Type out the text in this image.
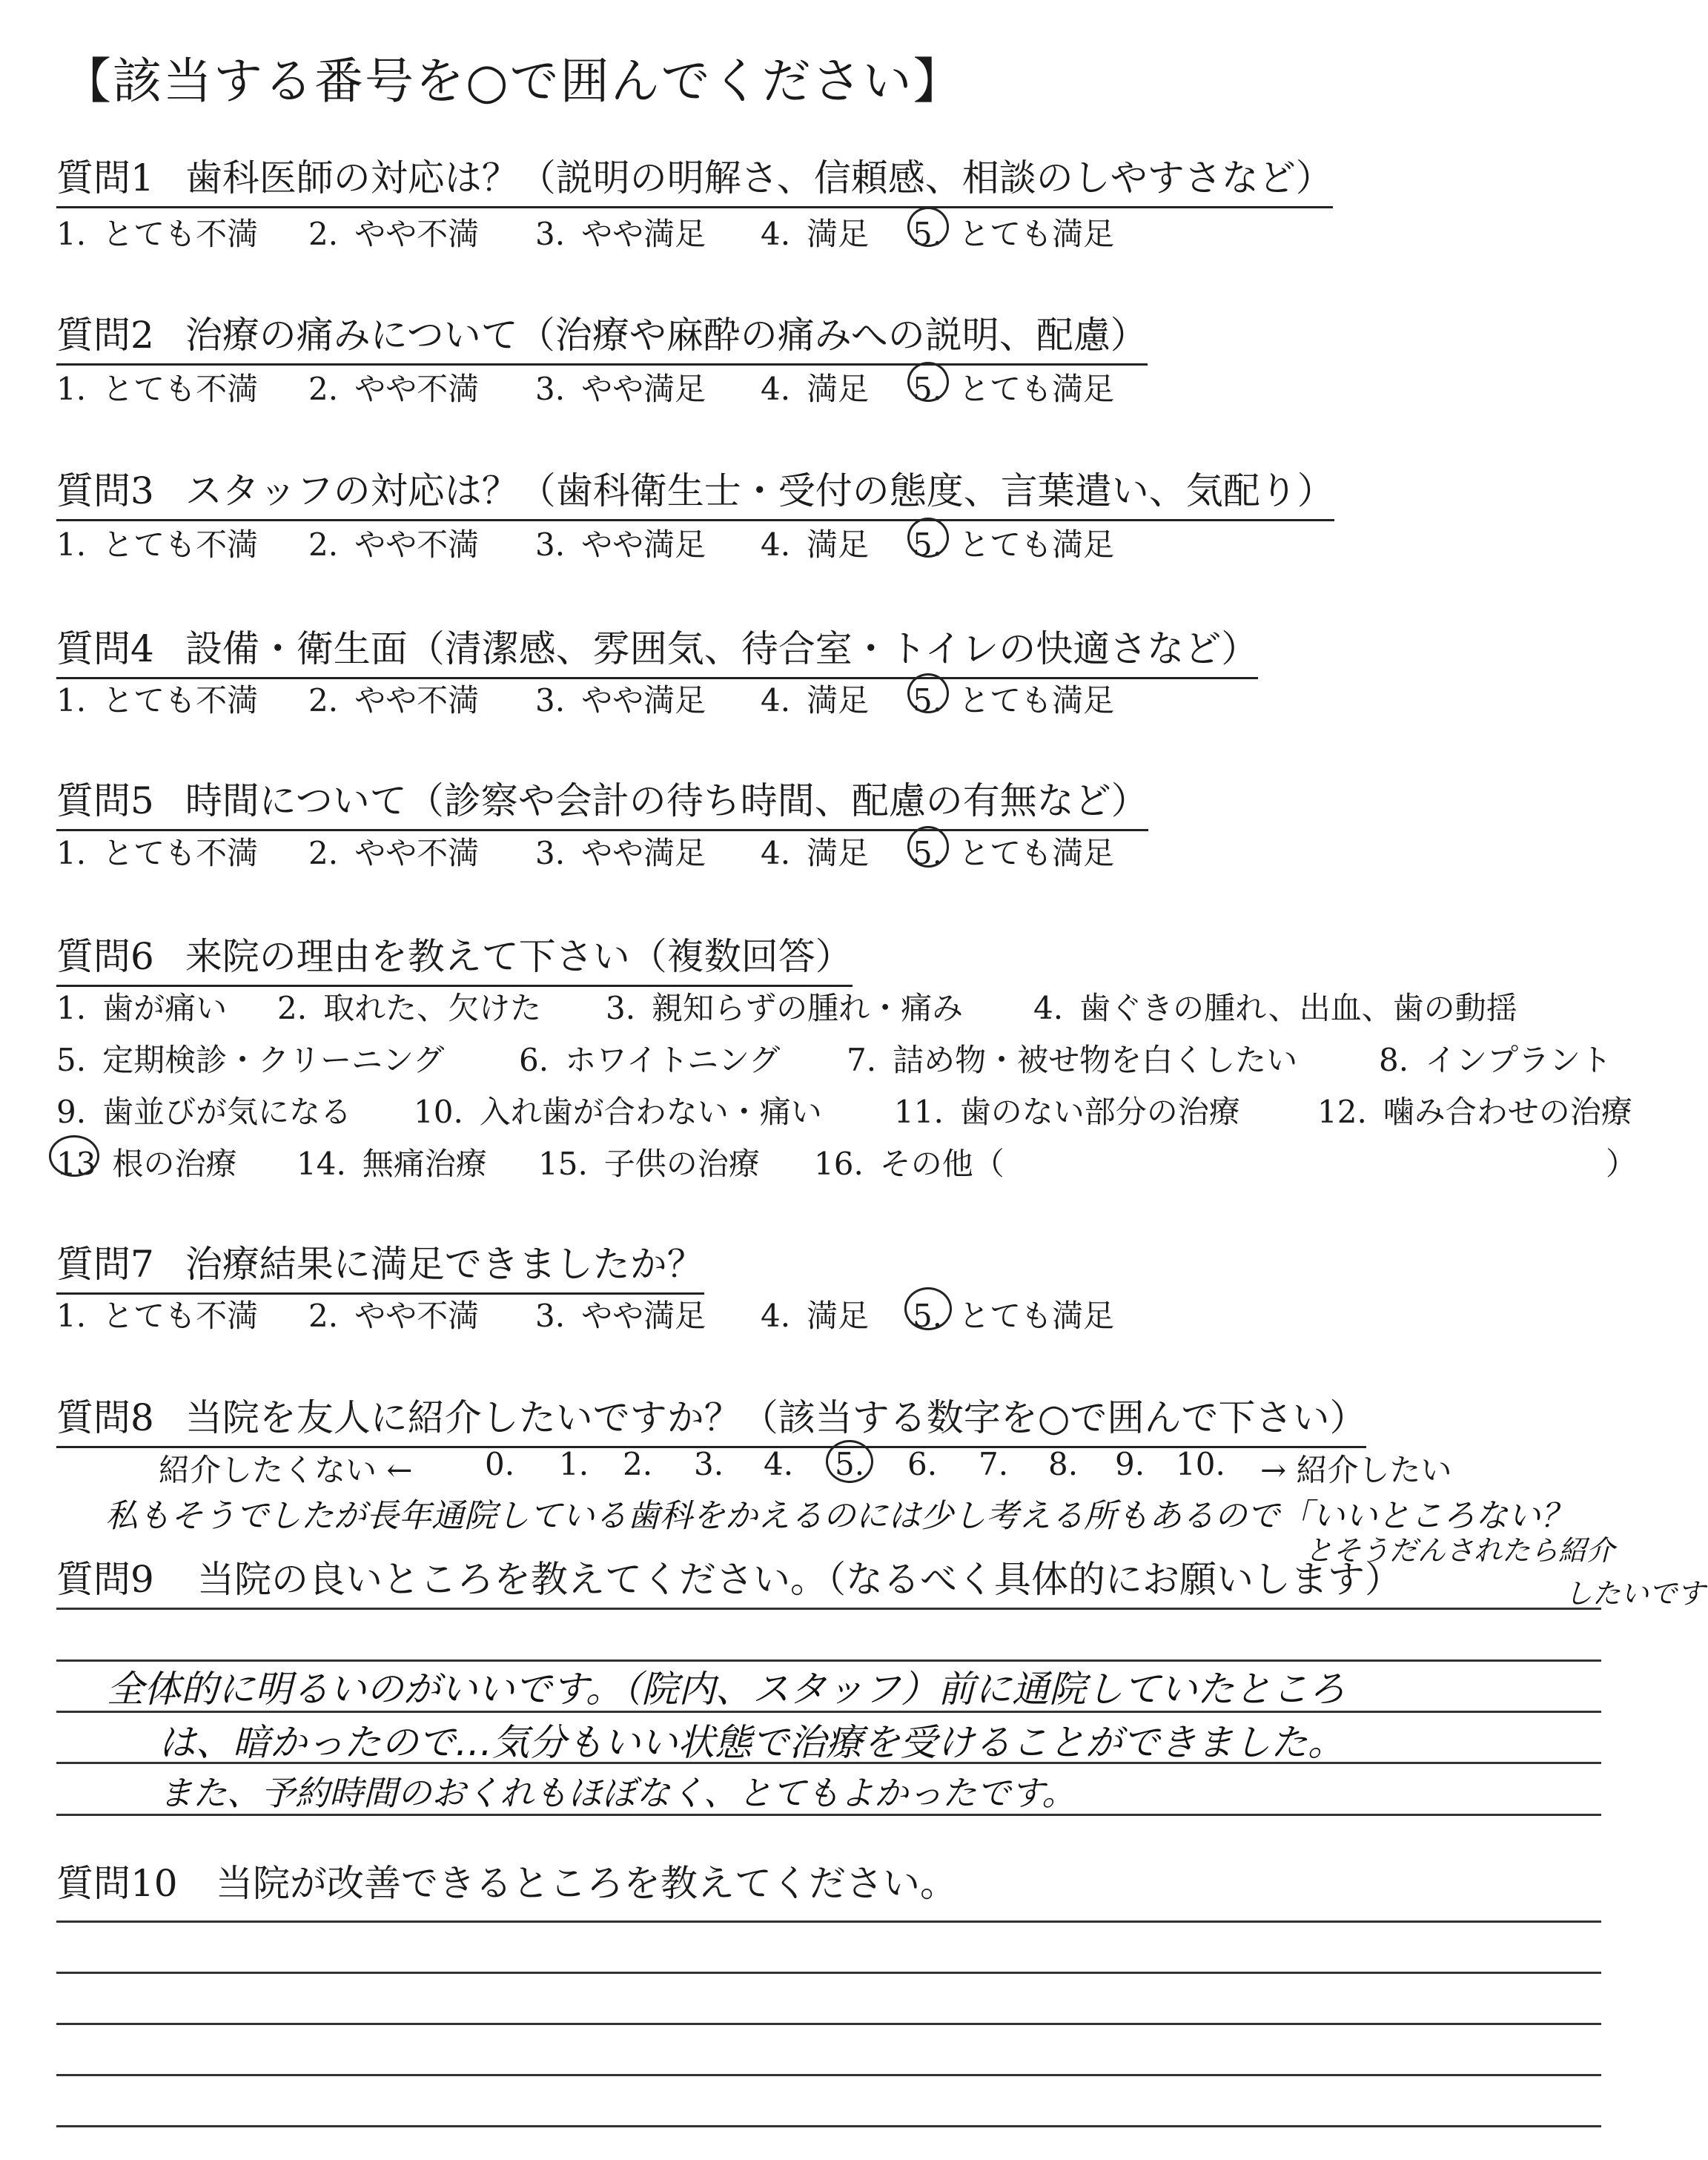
【該当する番号を○で囲んでください】
質問1 歯科医師の対応は？（説明の明解さ、信頼感、相談のしやすさなど）
1. とても不満 2. やや不満 3. やや満足 4. 満足 5. とても満足
質問2 治療の痛みについて（治療や麻酔の痛みへの説明、配慮）
1. とても不満 2. やや不満 3. やや満足 4. 満足 5. とても満足
質問3 スタッフの対応は？（歯科衛生士・受付の態度、言葉遣い、気配り）
1. とても不満 2. やや不満 3. やや満足 4. 満足 5. とても満足
質問4 設備・衛生面（清潔感、雰囲気、待合室・トイレの快適さなど）
1. とても不満 2. やや不満 3. やや満足 4. 満足 5. とても満足
質問5 時間について（診察や会計の待ち時間、配慮の有無など）
1. とても不満 2. やや不満 3. やや満足 4. 満足 5. とても満足
質問6 来院の理由を教えて下さい（複数回答）
1. 歯が痛い 2. 取れた、欠けた 3. 親知らずの腫れ・痛み 4. 歯ぐきの腫れ、出血、歯の動揺
5. 定期検診・クリーニング 6. ホワイトニング 7. 詰め物・被せ物を白くしたい	8. インプラント
9. 歯並びが気になる 10. 入れ歯が合わない・痛い 11. 歯のない部分の治療 12. 噛み合わせの治療
13 根の治療 14. 無痛治療 15. 子供の治療 16. その他（	）
質問7 治療結果に満足できましたか？
1. とても不満 2. やや不満 3. やや満足 4. 満足 5. とても満足
質問8 当院を友人に紹介したいですか？（該当する数字を○で囲んで下さい）
紹介したくない ← 0. 1. 2. 3. 4. 5. 6. 7. 8. 9. 10. → 紹介したい
私もそうでしたが長年通院している歯科をかえるのには少し考える所もあるので「いいところない？
とそうだんされたら紹介
したいです
質問9 当院の良いところを教えてください。（なるべく具体的にお願いします）
全体的に明るいのがいいです。（院内、スタッフ）前に通院していたところ
は、暗かったので…気分もいい状態で治療を受けることができました。
また、予約時間のおくれもほぼなく、とてもよかったです。
質問10 当院が改善できるところを教えてください。
